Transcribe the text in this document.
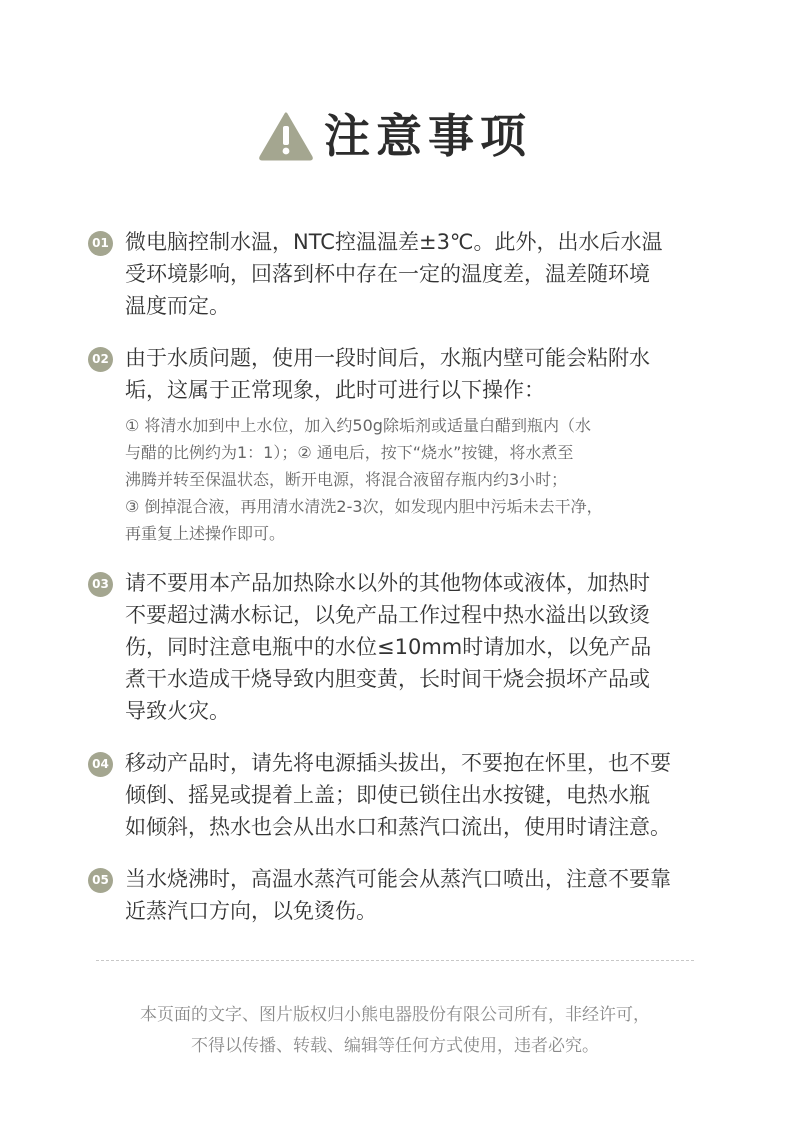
注意事项
01 微电脑控制水温，NTC控温温差±3℃。此外，出水后水温
受环境影响，回落到杯中存在一定的温度差，温差随环境
温度而定。

02 由于水质问题，使用一段时间后，水瓶内壁可能会粘附水
垢，这属于正常现象，此时可进行以下操作：

① 将清水加到中上水位，加入约50g除垢剂或适量白醋到瓶内（水
与醋的比例约为1：1）；② 通电后，按下“烧水”按键，将水煮至
沸腾并转至保温状态，断开电源，将混合液留存瓶内约3小时；
③ 倒掉混合液，再用清水清洗2-3次，如发现内胆中污垢未去干净，
再重复上述操作即可。

03 请不要用本产品加热除水以外的其他物体或液体，加热时
不要超过满水标记，以免产品工作过程中热水溢出以致烫
伤，同时注意电瓶中的水位≤10mm时请加水，以免产品
煮干水造成干烧导致内胆变黄，长时间干烧会损坏产品或
导致火灾。

04 移动产品时，请先将电源插头拔出，不要抱在怀里，也不要
倾倒、摇晃或提着上盖；即使已锁住出水按键，电热水瓶
如倾斜，热水也会从出水口和蒸汽口流出，使用时请注意。

05 当水烧沸时，高温水蒸汽可能会从蒸汽口喷出，注意不要靠
近蒸汽口方向，以免烫伤。

本页面的文字、图片版权归小熊电器股份有限公司所有，非经许可，
不得以传播、转载、编辑等任何方式使用，违者必究。
